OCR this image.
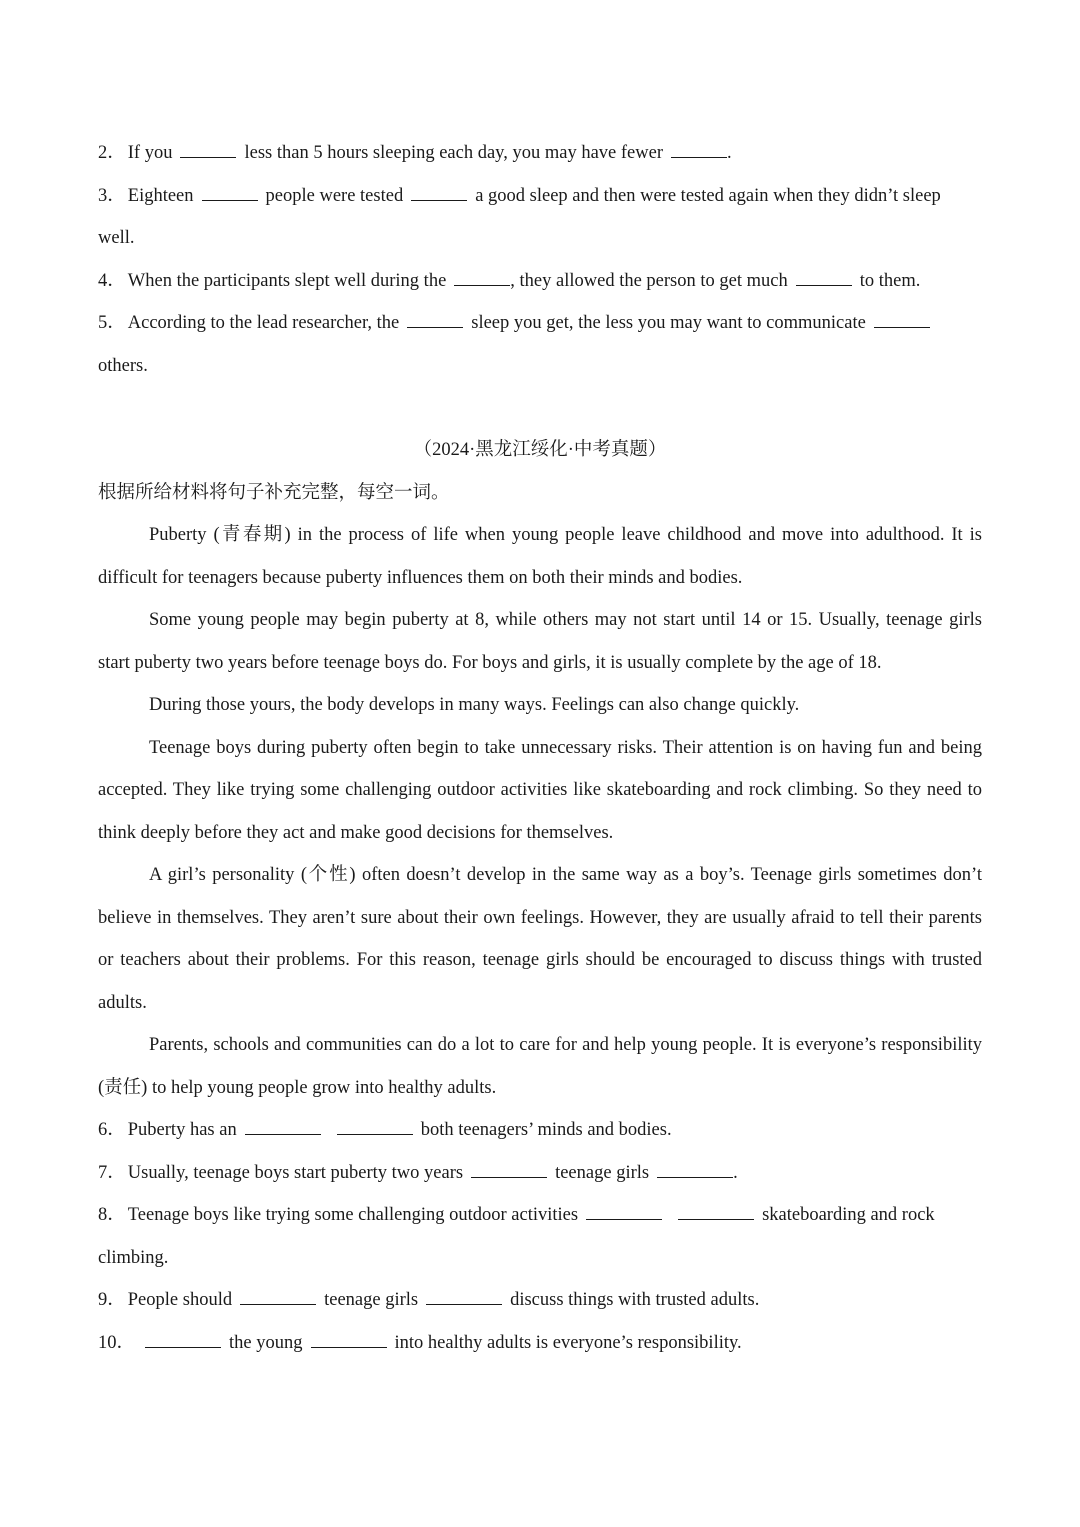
2． If you	less than 5 hours sleeping each day, you may have fewer	.
3． Eighteen	people were tested	a good sleep and then were tested again when they didn’t sleep
well.
4． When the participants slept well during the	, they allowed the person to get much	to them.
5． According to the lead researcher, the	sleep you get, the less you may want to communicate
others.
（2024·黑龙江绥化·中考真题）
根据所给材料将句子补充完整，每空一词。
Puberty (青春期) in the process of life when young people leave childhood and move into adulthood. It is difficult for teenagers because puberty influences them on both their minds and bodies.
Some young people may begin puberty at 8, while others may not start until 14 or 15. Usually, teenage girls start puberty two years before teenage boys do. For boys and girls, it is usually complete by the age of 18.
During those yours, the body develops in many ways. Feelings can also change quickly.
Teenage boys during puberty often begin to take unnecessary risks. Their attention is on having fun and being accepted. They like trying some challenging outdoor activities like skateboarding and rock climbing. So they need to think deeply before they act and make good decisions for themselves.
A girl’s personality (个性) often doesn’t develop in the same way as a boy’s. Teenage girls sometimes don’t believe in themselves. They aren’t sure about their own feelings. However, they are usually afraid to tell their parents or teachers about their problems. For this reason, teenage girls should be encouraged to discuss things with trusted adults.
Parents, schools and communities can do a lot to care for and help young people. It is everyone’s responsibility (责任) to help young people grow into healthy adults.
6． Puberty has an	both teenagers’ minds and bodies.
7． Usually, teenage boys start puberty two years	teenage girls	.
8． Teenage boys like trying some challenging outdoor activities	skateboarding and rock
climbing.
9． People should	teenage girls	discuss things with trusted adults.
10．	the young	into healthy adults is everyone’s responsibility.
